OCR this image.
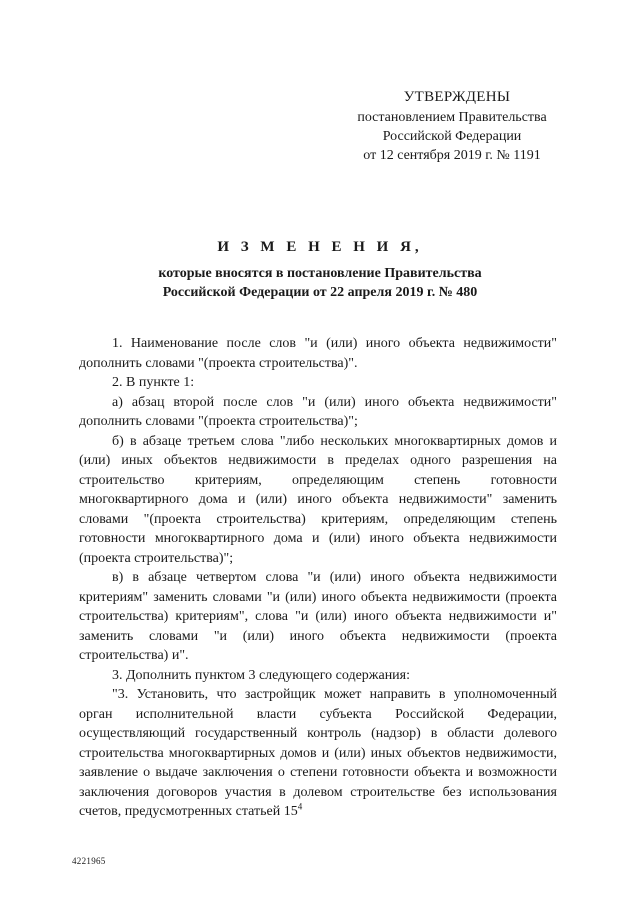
УТВЕРЖДЕНЫ
постановлением Правительства
Российской Федерации
от 12 сентября 2019 г. № 1191
И З М Е Н Е Н И Я,
которые вносятся в постановление Правительства
Российской Федерации от 22 апреля 2019 г. № 480

1. Наименование после слов "и (или) иного объекта недвижимости" дополнить словами "(проекта строительства)".

2. В пункте 1:

а) абзац второй после слов "и (или) иного объекта недвижимости" дополнить словами "(проекта строительства)";

б) в абзаце третьем слова "либо нескольких многоквартирных домов и (или) иных объектов недвижимости в пределах одного разрешения на строительство критериям, определяющим степень готовности многоквартирного дома и (или) иного объекта недвижимости" заменить словами "(проекта строительства) критериям, определяющим степень готовности многоквартирного дома и (или) иного объекта недвижимости (проекта строительства)";

в) в абзаце четвертом слова "и (или) иного объекта недвижимости критериям" заменить словами "и (или) иного объекта недвижимости (проекта строительства) критериям", слова "и (или) иного объекта недвижимости и" заменить словами "и (или) иного объекта недвижимости (проекта строительства) и".

3. Дополнить пунктом 3 следующего содержания:

"3. Установить, что застройщик может направить в уполномоченный орган исполнительной власти субъекта Российской Федерации, осуществляющий государственный контроль (надзор) в области долевого строительства многоквартирных домов и (или) иных объектов недвижимости, заявление о выдаче заключения о степени готовности объекта и возможности заключения договоров участия в долевом строительстве без использования счетов, предусмотренных статьей $15^4$

4221965
